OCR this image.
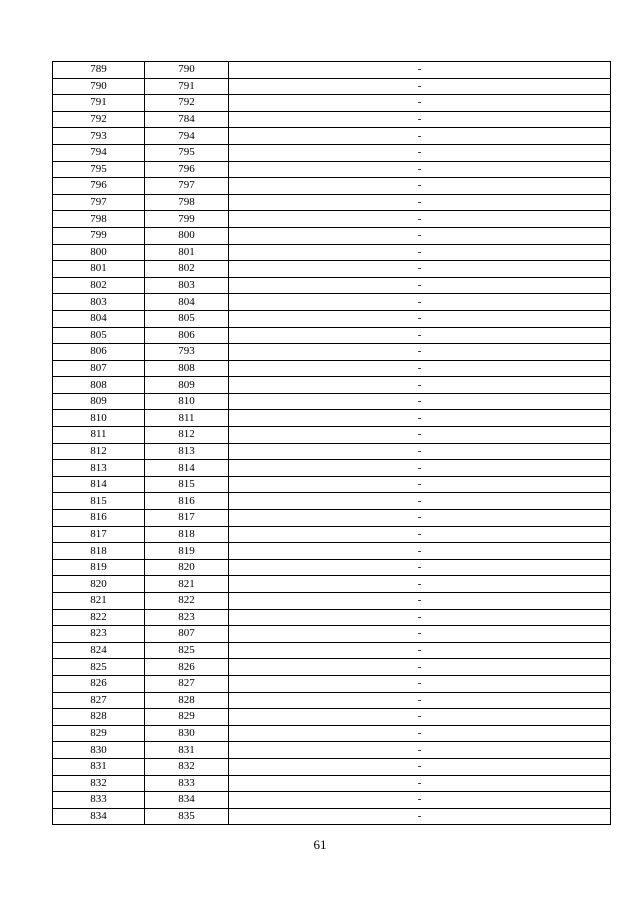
789	790	-
790	791	-
791	792	-
792	784	-
793	794	-
794	795	-
795	796	-
796	797	-
797	798	-
798	799	-
799	800	-
800	801	-
801	802	-
802	803	-
803	804	-
804	805	-
805	806	-
806	793	-
807	808	-
808	809	-
809	810	-
810	811	-
811	812	-
812	813	-
813	814	-
814	815	-
815	816	-
816	817	-
817	818	-
818	819	-
819	820	-
820	821	-
821	822	-
822	823	-
823	807	-
824	825	-
825	826	-
826	827	-
827	828	-
828	829	-
829	830	-
830	831	-
831	832	-
832	833	-
833	834	-
834	835	-
61
